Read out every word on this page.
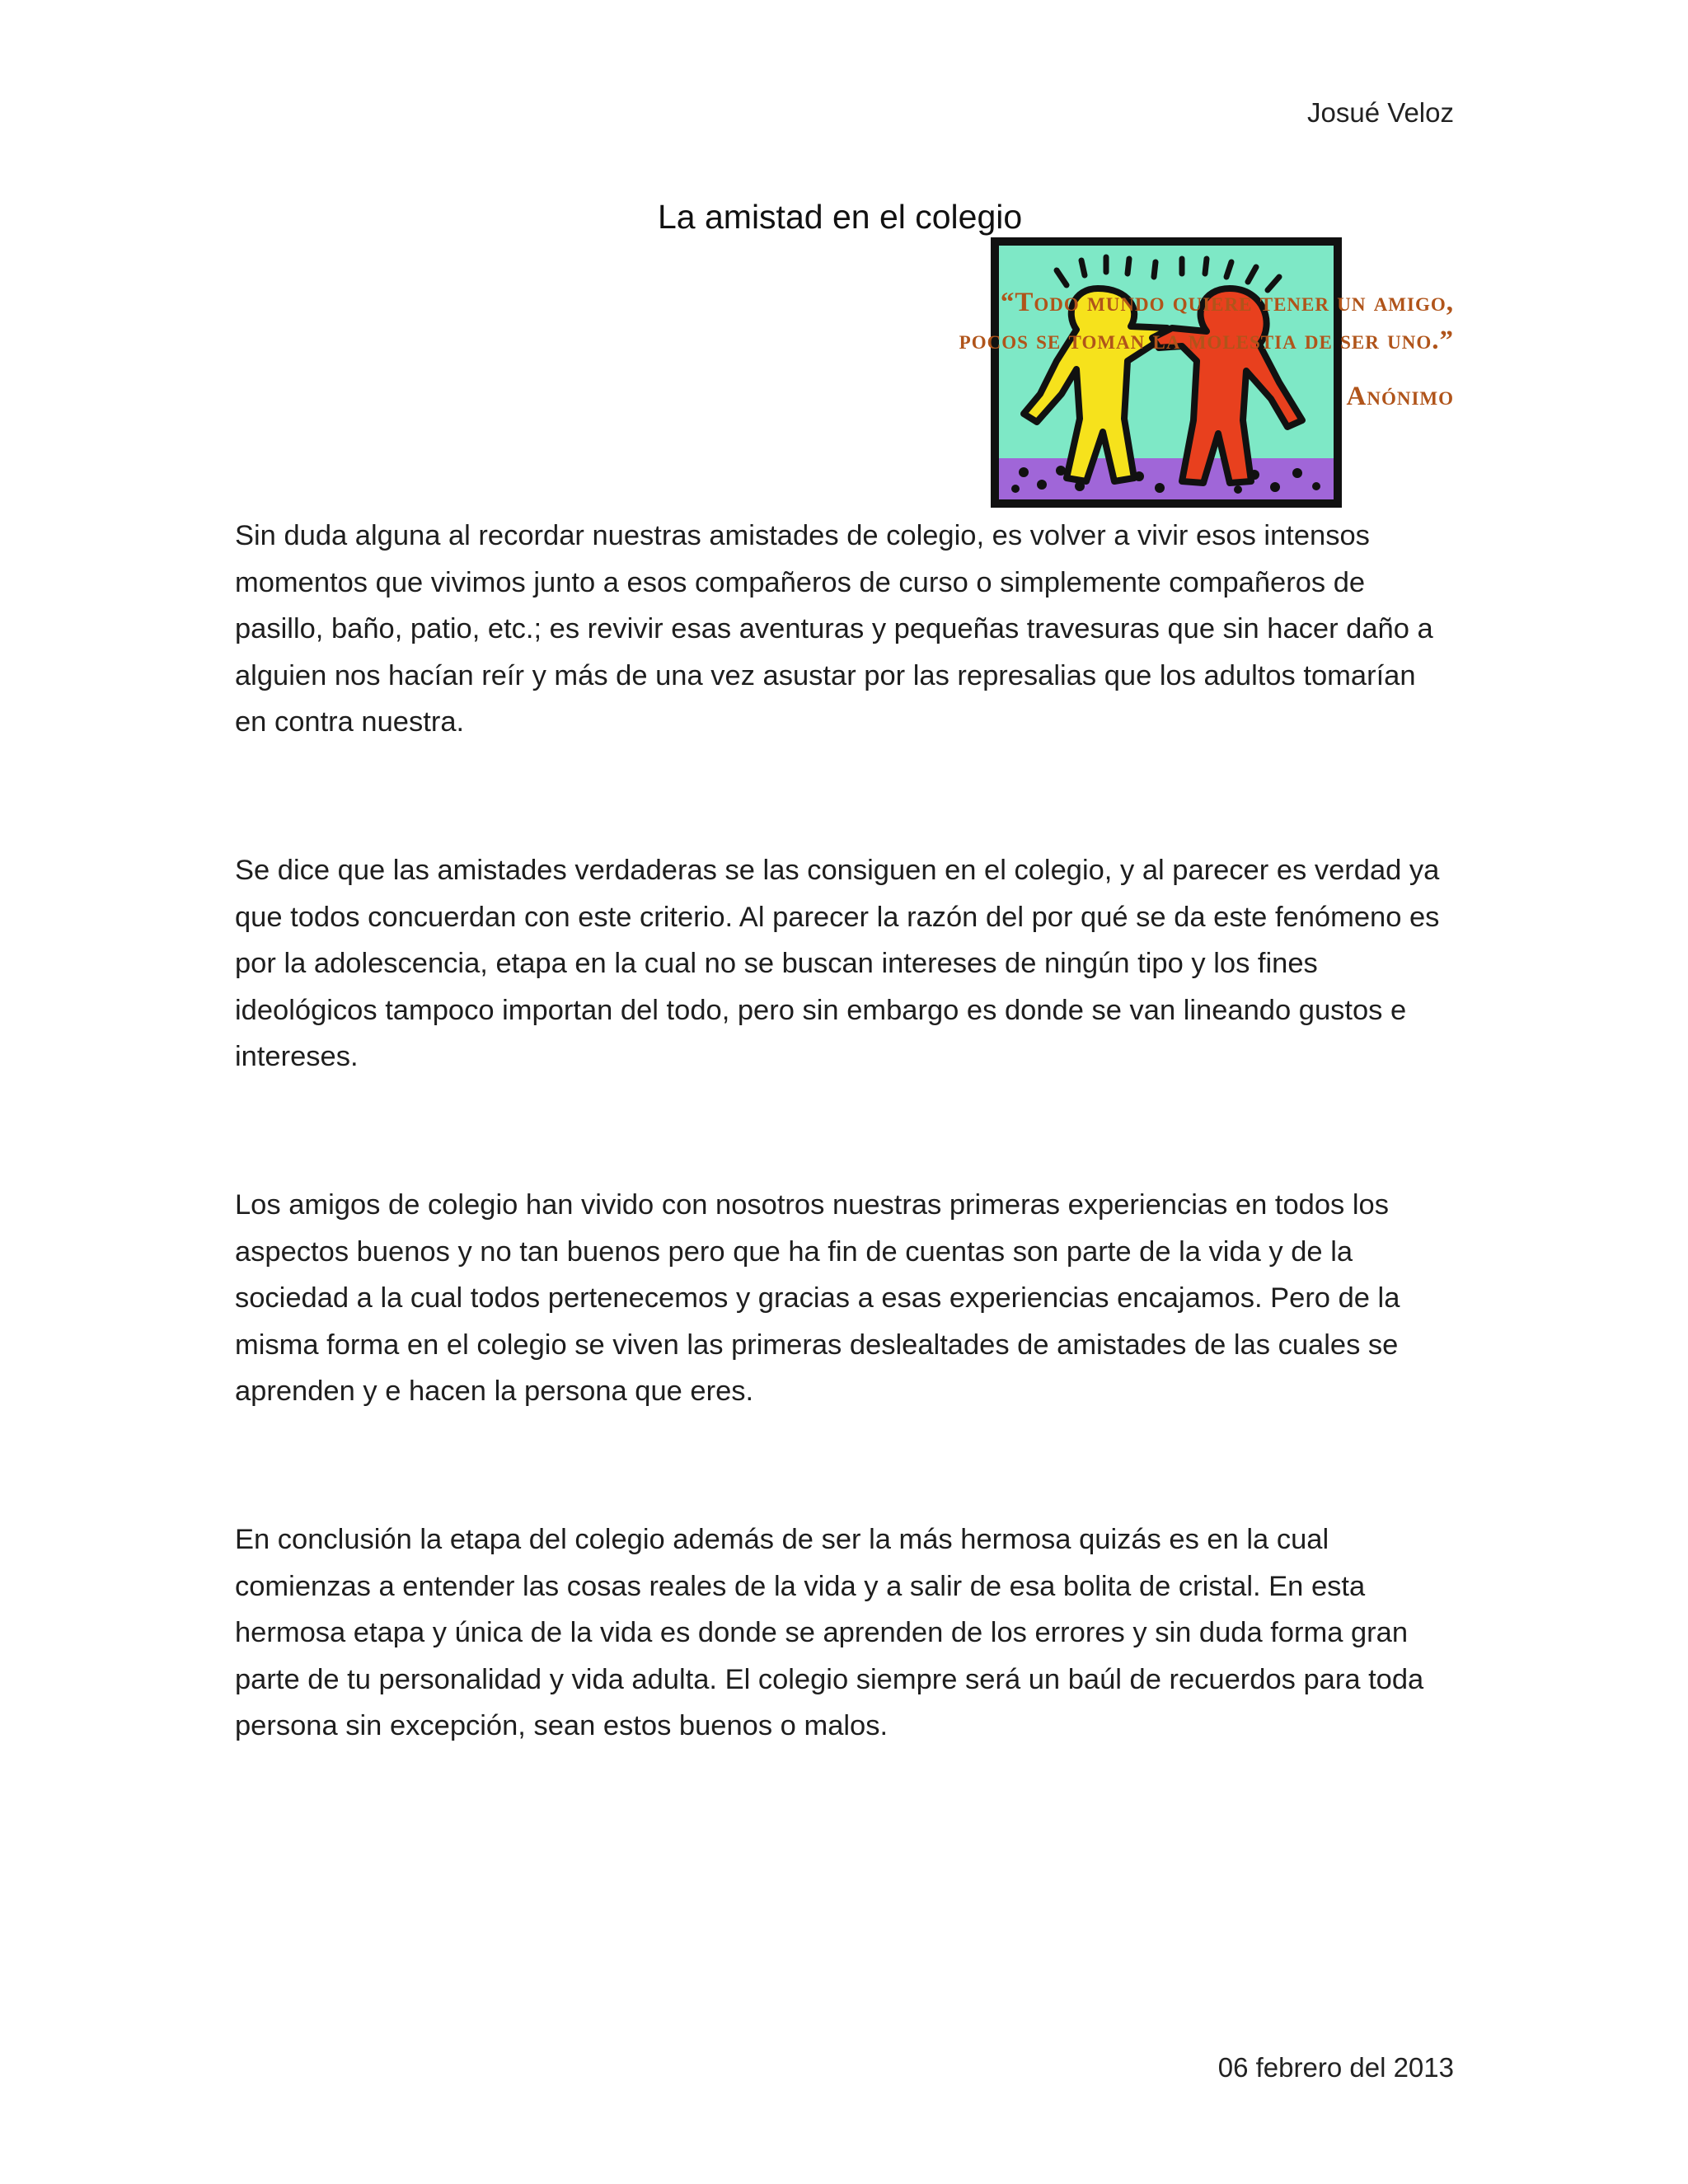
Josué Veloz
La amistad en el colegio
“Todo mundo quiere tener un amigo,
pocos se toman la molestia de ser uno.”
Anónimo

Sin duda alguna al recordar nuestras amistades de colegio, es volver a vivir esos intensos momentos que vivimos junto a esos compañeros de curso o simplemente compañeros de pasillo, baño, patio, etc.; es revivir esas aventuras y pequeñas travesuras que sin hacer daño a alguien nos hacían reír y más de una vez asustar por las represalias que los adultos tomarían en contra nuestra.

Se dice que las amistades verdaderas se las consiguen en el colegio, y al parecer es verdad ya que todos concuerdan con este criterio. Al parecer la razón del por qué se da este fenómeno es por la adolescencia, etapa en la cual no se buscan intereses de ningún tipo y los fines ideológicos tampoco importan del todo, pero sin embargo es donde se van lineando gustos e intereses.

Los amigos de colegio han vivido con nosotros nuestras primeras experiencias en todos los aspectos buenos y no tan buenos pero que ha fin de cuentas son parte de la vida y de la sociedad a la cual todos pertenecemos y gracias a esas experiencias encajamos. Pero de la misma forma en el colegio se viven las primeras deslealtades de amistades de las cuales se aprenden y e hacen la persona que eres.

En conclusión la etapa del colegio además de ser la más hermosa quizás es en la cual comienzas a entender las cosas reales de la vida y a salir de esa bolita de cristal. En esta hermosa etapa y única de la vida es donde se aprenden de los errores y sin duda forma gran parte de tu personalidad y vida adulta. El colegio siempre será un baúl de recuerdos para toda persona sin excepción, sean estos buenos o malos.

06 febrero del 2013
